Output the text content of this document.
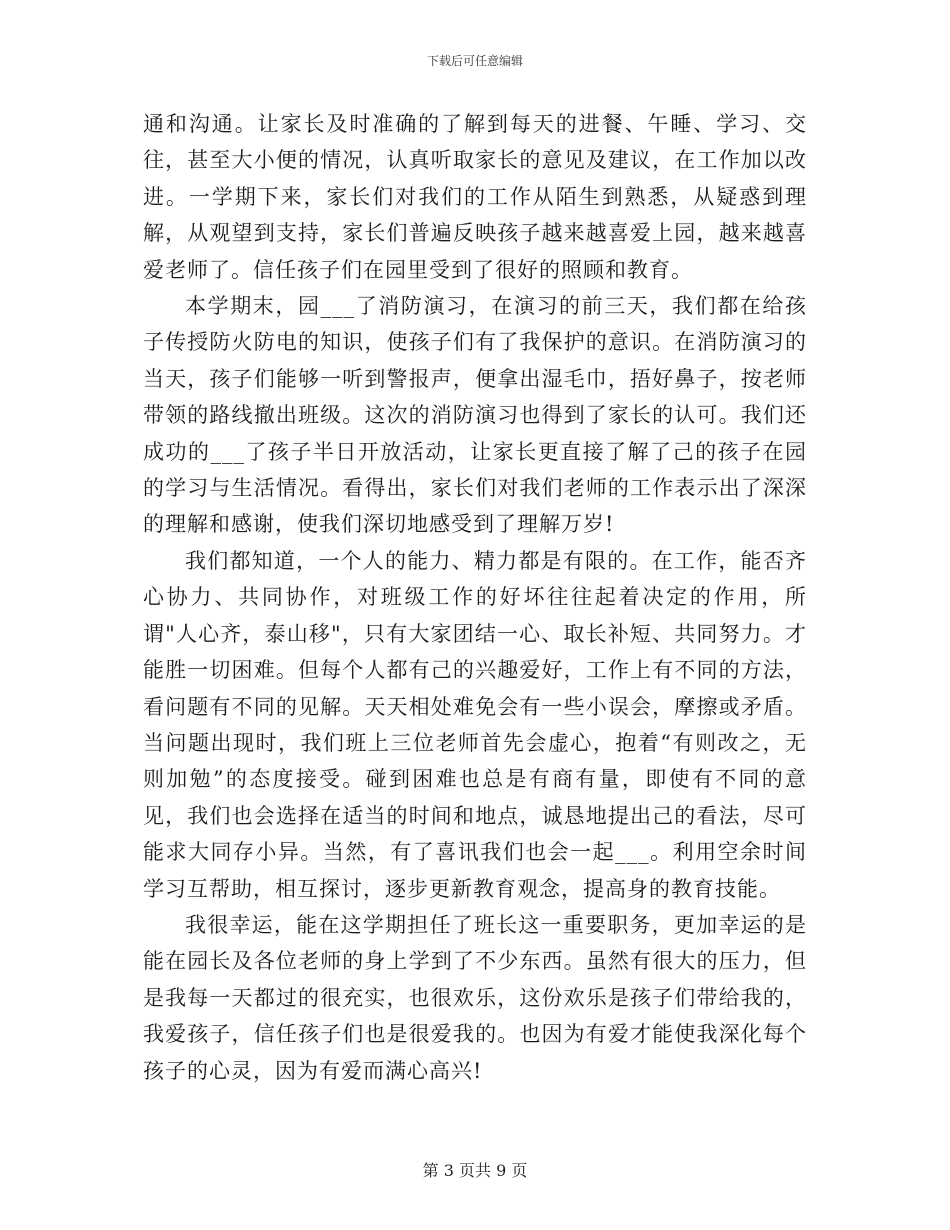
下载后可任意编辑

通和沟通。让家长及时准确的了解到每天的进餐、午睡、学习、交往，甚至大小便的情况，认真听取家长的意见及建议，在工作加以改进。一学期下来，家长们对我们的工作从陌生到熟悉，从疑惑到理解，从观望到支持，家长们普遍反映孩子越来越喜爱上园，越来越喜爱老师了。信任孩子们在园里受到了很好的照顾和教育。

本学期末，园___了消防演习，在演习的前三天，我们都在给孩子传授防火防电的知识，使孩子们有了我保护的意识。在消防演习的当天，孩子们能够一听到警报声，便拿出湿毛巾，捂好鼻子，按老师带领的路线撤出班级。这次的消防演习也得到了家长的认可。我们还成功的___了孩子半日开放活动，让家长更直接了解了己的孩子在园的学习与生活情况。看得出，家长们对我们老师的工作表示出了深深的理解和感谢，使我们深切地感受到了理解万岁!

我们都知道，一个人的能力、精力都是有限的。在工作，能否齐心协力、共同协作，对班级工作的好坏往往起着决定的作用，所谓"人心齐，泰山移"，只有大家团结一心、取长补短、共同努力。才能胜一切困难。但每个人都有己的兴趣爱好，工作上有不同的方法，看问题有不同的见解。天天相处难免会有一些小误会，摩擦或矛盾。当问题出现时，我们班上三位老师首先会虚心，抱着“有则改之，无则加勉”的态度接受。碰到困难也总是有商有量，即使有不同的意见，我们也会选择在适当的时间和地点，诚恳地提出己的看法，尽可能求大同存小异。当然，有了喜讯我们也会一起___。利用空余时间学习互帮助，相互探讨，逐步更新教育观念，提高身的教育技能。

我很幸运，能在这学期担任了班长这一重要职务，更加幸运的是能在园长及各位老师的身上学到了不少东西。虽然有很大的压力，但是我每一天都过的很充实，也很欢乐，这份欢乐是孩子们带给我的，我爱孩子，信任孩子们也是很爱我的。也因为有爱才能使我深化每个孩子的心灵，因为有爱而满心高兴!

第 3 页共 9 页
